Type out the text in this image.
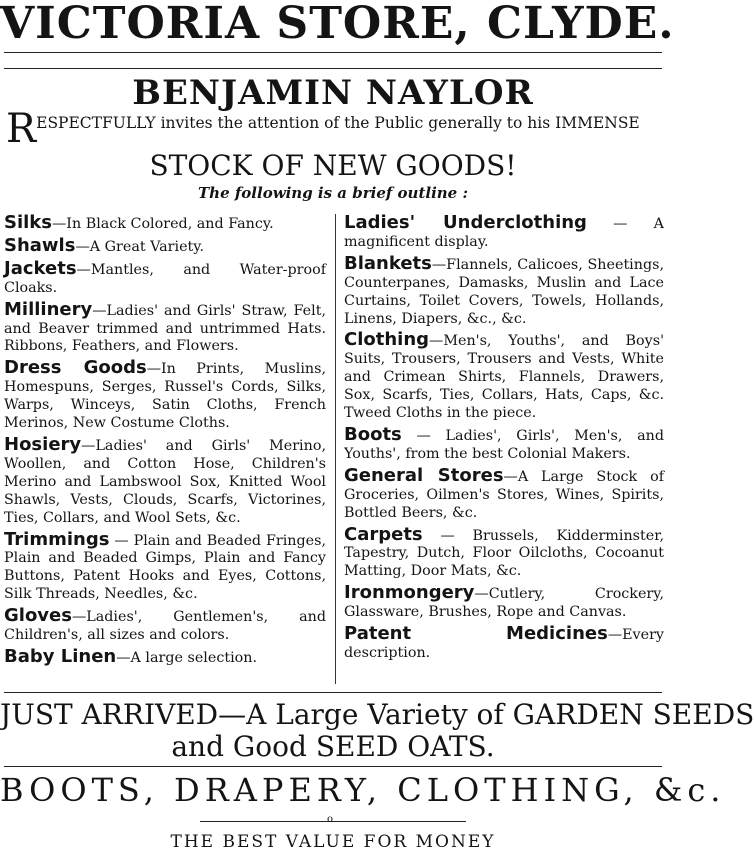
VICTORIA STORE, CLYDE.
BENJAMIN NAYLOR
RESPECTFULLY invites the attention of the Public generally to his IMMENSE
STOCK OF NEW GOODS!
The following is a brief outline :

Silks—In Black Colored, and Fancy.

Shawls—A Great Variety.

Jackets—Mantles, and Water-proof Cloaks.

Millinery—Ladies' and Girls' Straw, Felt, and Beaver trimmed and untrimmed Hats. Ribbons, Feathers, and Flowers.

Dress Goods—In Prints, Muslins, Homespuns, Serges, Russel's Cords, Silks, Warps, Winceys, Satin Cloths, French Merinos, New Costume Cloths.

Hosiery—Ladies' and Girls' Merino, Woollen, and Cotton Hose, Children's Merino and Lambswool Sox, Knitted Wool Shawls, Vests, Clouds, Scarfs, Victorines, Ties, Collars, and Wool Sets, &c.

Trimmings — Plain and Beaded Fringes, Plain and Beaded Gimps, Plain and Fancy Buttons, Patent Hooks and Eyes, Cottons, Silk Threads, Needles, &c.

Gloves—Ladies', Gentlemen's, and Children's, all sizes and colors.

Baby Linen—A large selection.

Ladies' Underclothing — A magnificent display.

Blankets—Flannels, Calicoes, Sheetings, Counterpanes, Damasks, Muslin and Lace Curtains, Toilet Covers, Towels, Hollands, Linens, Diapers, &c., &c.

Clothing—Men's, Youths', and Boys' Suits, Trousers, Trousers and Vests, White and Crimean Shirts, Flannels, Drawers, Sox, Scarfs, Ties, Collars, Hats, Caps, &c. Tweed Cloths in the piece.

Boots — Ladies', Girls', Men's, and Youths', from the best Colonial Makers.

General Stores—A Large Stock of Groceries, Oilmen's Stores, Wines, Spirits, Bottled Beers, &c.

Carpets — Brussels, Kidderminster, Tapestry, Dutch, Floor Oilcloths, Cocoanut Matting, Door Mats, &c.

Ironmongery—Cutlery, Crockery, Glassware, Brushes, Rope and Canvas.

Patent Medicines—Every description.

JUST ARRIVED—A Large Variety of GARDEN SEEDS
and Good SEED OATS.
BOOTS, DRAPERY, CLOTHING, &c.
o
THE BEST VALUE FOR MONEY
